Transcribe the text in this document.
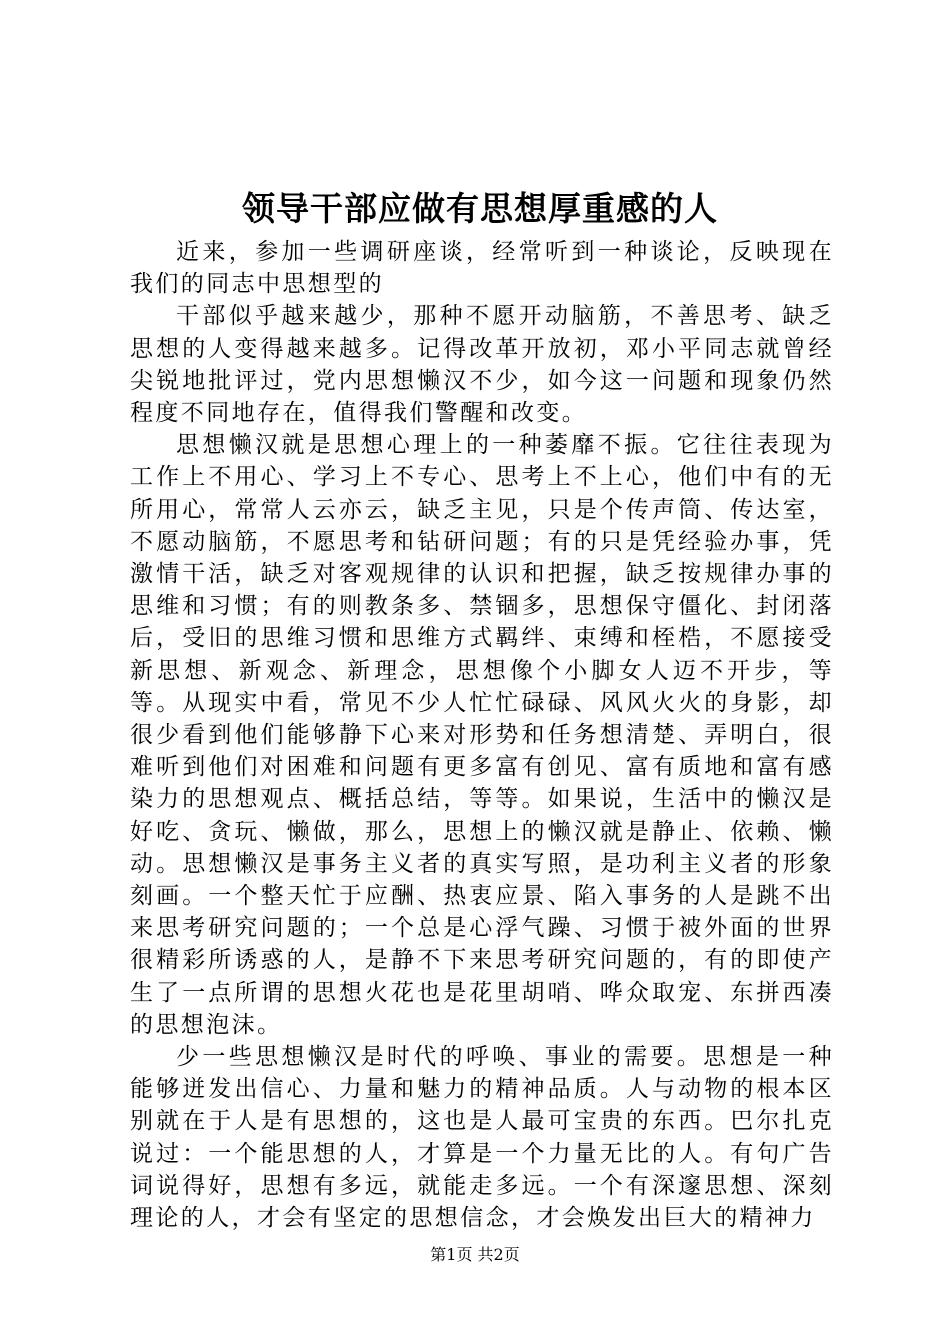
领导干部应做有思想厚重感的人

近来，参加一些调研座谈，经常听到一种谈论，反映现在我们的同志中思想型的

干部似乎越来越少，那种不愿开动脑筋，不善思考、缺乏思想的人变得越来越多。记得改革开放初，邓小平同志就曾经尖锐地批评过，党内思想懒汉不少，如今这一问题和现象仍然程度不同地存在，值得我们警醒和改变。

思想懒汉就是思想心理上的一种萎靡不振。它往往表现为工作上不用心、学习上不专心、思考上不上心，他们中有的无所用心，常常人云亦云，缺乏主见，只是个传声筒、传达室，不愿动脑筋，不愿思考和钻研问题；有的只是凭经验办事，凭激情干活，缺乏对客观规律的认识和把握，缺乏按规律办事的思维和习惯；有的则教条多、禁锢多，思想保守僵化、封闭落后，受旧的思维习惯和思维方式羁绊、束缚和桎梏，不愿接受新思想、新观念、新理念，思想像个小脚女人迈不开步，等等。从现实中看，常见不少人忙忙碌碌、风风火火的身影，却很少看到他们能够静下心来对形势和任务想清楚、弄明白，很难听到他们对困难和问题有更多富有创见、富有质地和富有感染力的思想观点、概括总结，等等。如果说，生活中的懒汉是好吃、贪玩、懒做，那么，思想上的懒汉就是静止、依赖、懒动。思想懒汉是事务主义者的真实写照，是功利主义者的形象刻画。一个整天忙于应酬、热衷应景、陷入事务的人是跳不出来思考研究问题的；一个总是心浮气躁、习惯于被外面的世界很精彩所诱惑的人，是静不下来思考研究问题的，有的即使产生了一点所谓的思想火花也是花里胡哨、哗众取宠、东拼西凑的思想泡沫。

少一些思想懒汉是时代的呼唤、事业的需要。思想是一种能够迸发出信心、力量和魅力的精神品质。人与动物的根本区别就在于人是有思想的，这也是人最可宝贵的东西。巴尔扎克说过：一个能思想的人，才算是一个力量无比的人。有句广告词说得好，思想有多远，就能走多远。一个有深邃思想、深刻理论的人，才会有坚定的思想信念，才会焕发出巨大的精神力

第1页 共2页
